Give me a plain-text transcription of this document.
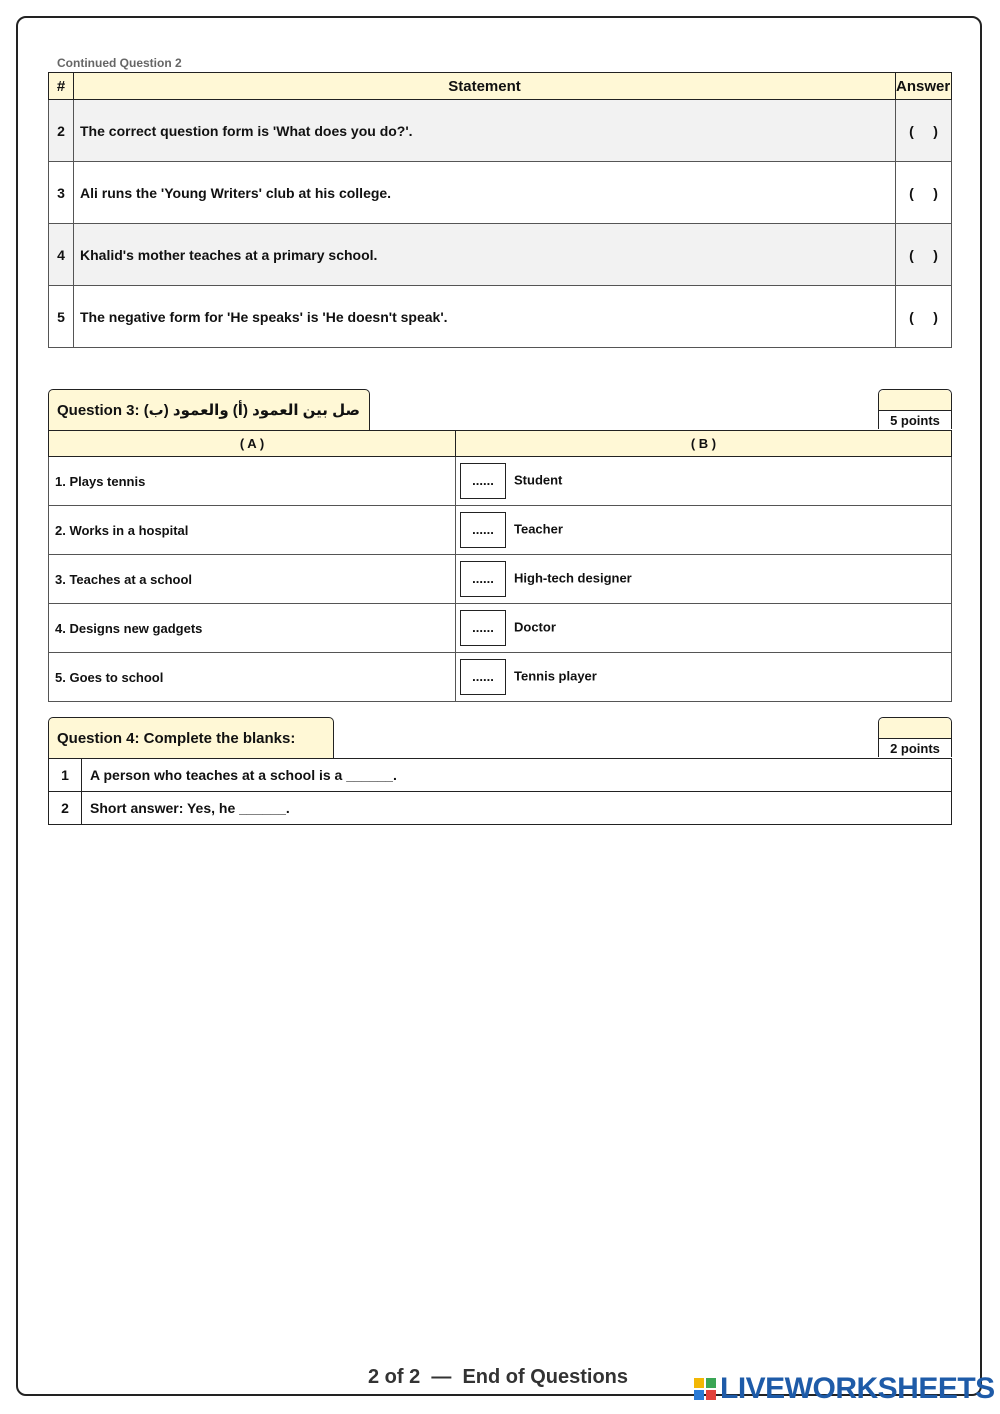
Continued Question 2
#	Statement	Answer
2	The correct question form is 'What does you do?'.	(     )
3	Ali runs the 'Young Writers' club at his college.	(     )
4	Khalid's mother teaches at a primary school.	(     )
5	The negative form for 'He speaks' is 'He doesn't speak'.	(     )
Question 3: صل بين العمود (أ) والعمود (ب)
5 points
( A )	( B )
1. Plays tennis	...... Student
2. Works in a hospital	...... Teacher
3. Teaches at a school	...... High-tech designer
4. Designs new gadgets	...... Doctor
5. Goes to school	...... Tennis player
Question 4: Complete the blanks:
2 points
1	A person who teaches at a school is a ______.
2	Short answer: Yes, he ______.
2 of 2  —  End of Questions	LIVEWORKSHEETS
